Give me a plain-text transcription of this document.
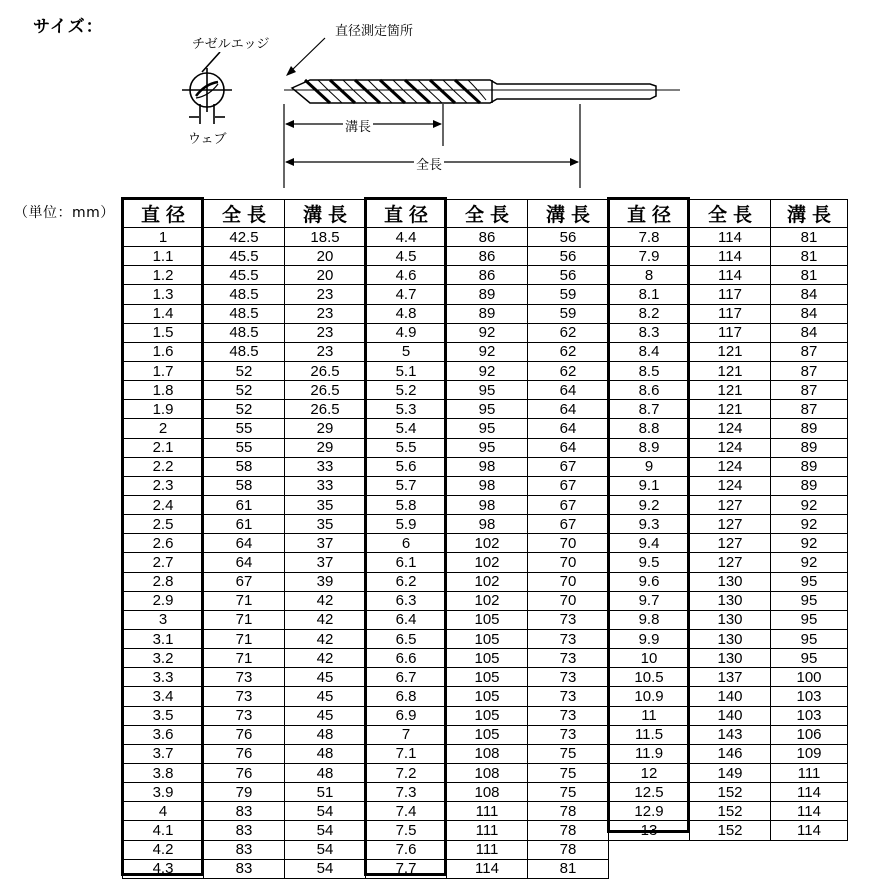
サイズ：
チゼルエッジ
直径測定箇所
ウェブ
溝長
全長
（単位：mm） 直径	全長	溝長	直径	全長	溝長	直径	全長	溝長
1	42.5	18.5	4.4	86	56	7.8	114	81
1.1	45.5	20	4.5	86	56	7.9	114	81
1.2	45.5	20	4.6	86	56	8	114	81
1.3	48.5	23	4.7	89	59	8.1	117	84
1.4	48.5	23	4.8	89	59	8.2	117	84
1.5	48.5	23	4.9	92	62	8.3	117	84
1.6	48.5	23	5	92	62	8.4	121	87
1.7	52	26.5	5.1	92	62	8.5	121	87
1.8	52	26.5	5.2	95	64	8.6	121	87
1.9	52	26.5	5.3	95	64	8.7	121	87
2	55	29	5.4	95	64	8.8	124	89
2.1	55	29	5.5	95	64	8.9	124	89
2.2	58	33	5.6	98	67	9	124	89
2.3	58	33	5.7	98	67	9.1	124	89
2.4	61	35	5.8	98	67	9.2	127	92
2.5	61	35	5.9	98	67	9.3	127	92
2.6	64	37	6	102	70	9.4	127	92
2.7	64	37	6.1	102	70	9.5	127	92
2.8	67	39	6.2	102	70	9.6	130	95
2.9	71	42	6.3	102	70	9.7	130	95
3	71	42	6.4	105	73	9.8	130	95
3.1	71	42	6.5	105	73	9.9	130	95
3.2	71	42	6.6	105	73	10	130	95
3.3	73	45	6.7	105	73	10.5	137	100
3.4	73	45	6.8	105	73	10.9	140	103
3.5	73	45	6.9	105	73	11	140	103
3.6	76	48	7	105	73	11.5	143	106
3.7	76	48	7.1	108	75	11.9	146	109
3.8	76	48	7.2	108	75	12	149	111
3.9	79	51	7.3	108	75	12.5	152	114
4	83	54	7.4	111	78	12.9	152	114
4.1	83	54	7.5	111	78	13	152	114
4.2	83	54	7.6	111	78			
4.3	83	54	7.7	114	81			
